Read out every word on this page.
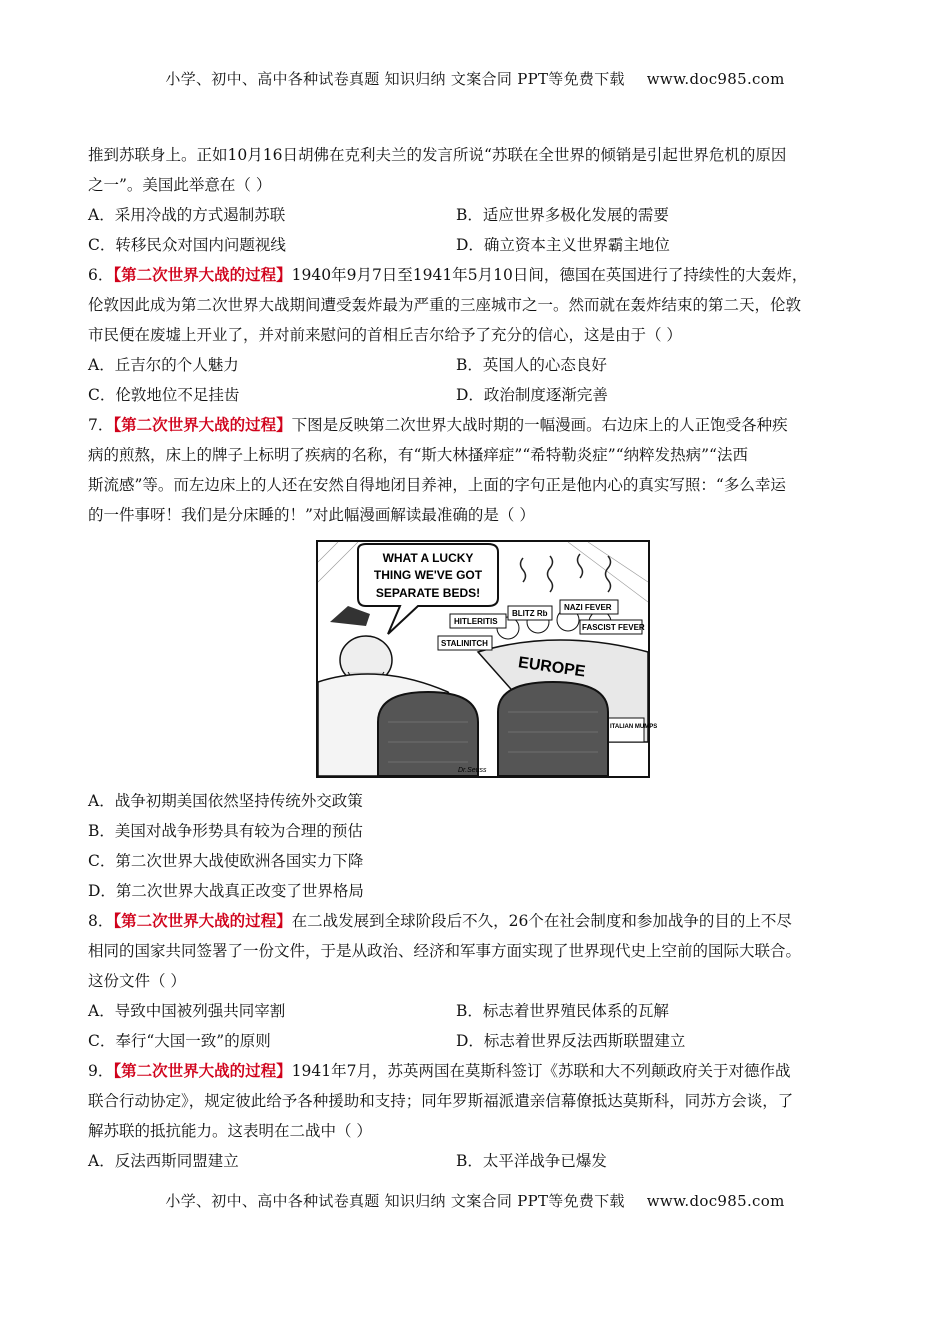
小学、初中、高中各种试卷真题 知识归纳 文案合同 PPT等免费下载 www.doc985.com
推到苏联身上。正如10月16日胡佛在克利夫兰的发言所说“苏联在全世界的倾销是引起世界危机的原因
之一”。美国此举意在（ ）
A．采用冷战的方式遏制苏联	B．适应世界多极化发展的需要
C．转移民众对国内问题视线	D．确立资本主义世界霸主地位
6．【第二次世界大战的过程】1940年9月7日至1941年5月10日间，德国在英国进行了持续性的大轰炸，
伦敦因此成为第二次世界大战期间遭受轰炸最为严重的三座城市之一。然而就在轰炸结束的第二天，伦敦
市民便在废墟上开业了，并对前来慰问的首相丘吉尔给予了充分的信心，这是由于（ ）
A．丘吉尔的个人魅力	B．英国人的心态良好
C．伦敦地位不足挂齿	D．政治制度逐渐完善
7．【第二次世界大战的过程】下图是反映第二次世界大战时期的一幅漫画。右边床上的人正饱受各种疾
病的煎熬，床上的牌子上标明了疾病的名称，有“斯大林搔痒症”“希特勒炎症”“纳粹发热病”“法西
斯流感”等。而左边床上的人还在安然自得地闭目养神，上面的字句正是他内心的真实写照：“多么幸运
的一件事呀！我们是分床睡的！”对此幅漫画解读最准确的是（ ）
WHAT A LUCKY
THING WE'VE GOT
SEPARATE BEDS!
HITLERITIS
BLITZ Rb
NAZI FEVER
STALINITCH
FASCIST FEVER
EUROPE
ITALIAN MUMPS
Dr.Seuss
A．战争初期美国依然坚持传统外交政策
B．美国对战争形势具有较为合理的预估
C．第二次世界大战使欧洲各国实力下降
D．第二次世界大战真正改变了世界格局
8．【第二次世界大战的过程】在二战发展到全球阶段后不久，26个在社会制度和参加战争的目的上不尽
相同的国家共同签署了一份文件，于是从政治、经济和军事方面实现了世界现代史上空前的国际大联合。
这份文件（ ）
A．导致中国被列强共同宰割	B．标志着世界殖民体系的瓦解
C．奉行“大国一致”的原则	D．标志着世界反法西斯联盟建立
9．【第二次世界大战的过程】1941年7月，苏英两国在莫斯科签订《苏联和大不列颠政府关于对德作战
联合行动协定》，规定彼此给予各种援助和支持；同年罗斯福派遣亲信幕僚抵达莫斯科，同苏方会谈，了
解苏联的抵抗能力。这表明在二战中（ ）
A．反法西斯同盟建立	B．太平洋战争已爆发
小学、初中、高中各种试卷真题 知识归纳 文案合同 PPT等免费下载 www.doc985.com
